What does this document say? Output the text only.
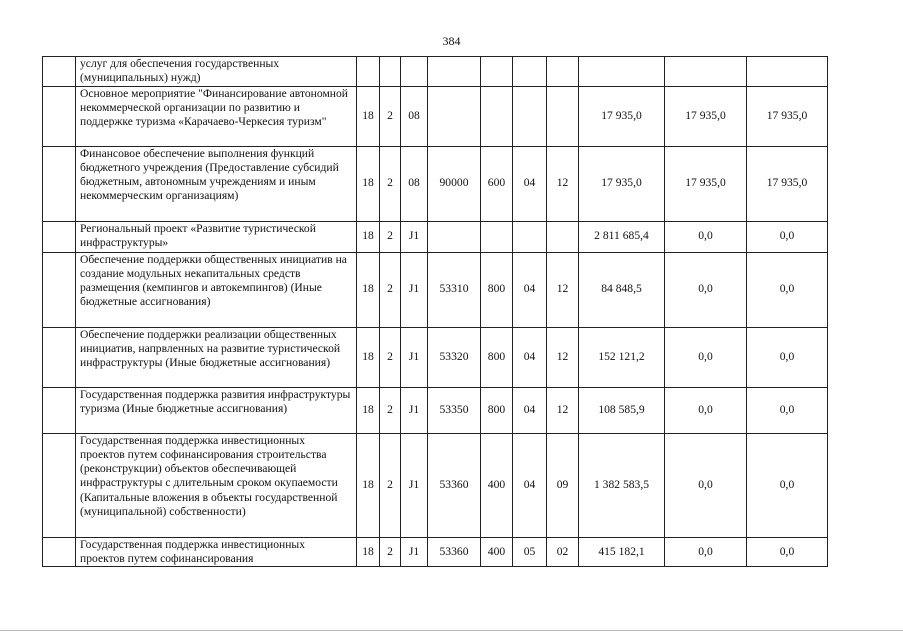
384
	услуг для обеспечения государственных (муниципальных) нужд)										
	Основное мероприятие "Финансирование автономной некоммерческой организации по развитию и поддержке туризма «Карачаево-Черкесия туризм"	18	2	08					17 935,0	17 935,0	17 935,0
	Финансовое обеспечение выполнения функций бюджетного учреждения (Предоставление субсидий бюджетным, автономным учреждениям и иным некоммерческим организациям)	18	2	08	90000	600	04	12	17 935,0	17 935,0	17 935,0
	Региональный проект «Развитие туристической инфраструктуры»	18	2	J1					2 811 685,4	0,0	0,0
	Обеспечение поддержки общественных инициатив на создание модульных некапитальных средств размещения (кемпингов и автокемпингов) (Иные бюджетные ассигнования)	18	2	J1	53310	800	04	12	84 848,5	0,0	0,0
	Обеспечение поддержки реализации общественных инициатив, напрвленных на развитие туристической инфраструктуры (Иные бюджетные ассигнования)	18	2	J1	53320	800	04	12	152 121,2	0,0	0,0
	Государственная поддержка развития инфраструктуры туризма (Иные бюджетные ассигнования)	18	2	J1	53350	800	04	12	108 585,9	0,0	0,0
	Государственная поддержка инвестиционных проектов путем софинансирования строительства (реконструкции) объектов обеспечивающей инфраструктуры с длительным сроком окупаемости (Капитальные вложения в объекты государственной (муниципальной) собственности)	18	2	J1	53360	400	04	09	1 382 583,5	0,0	0,0
	Государственная поддержка инвестиционных проектов путем софинансирования	18	2	J1	53360	400	05	02	415 182,1	0,0	0,0
